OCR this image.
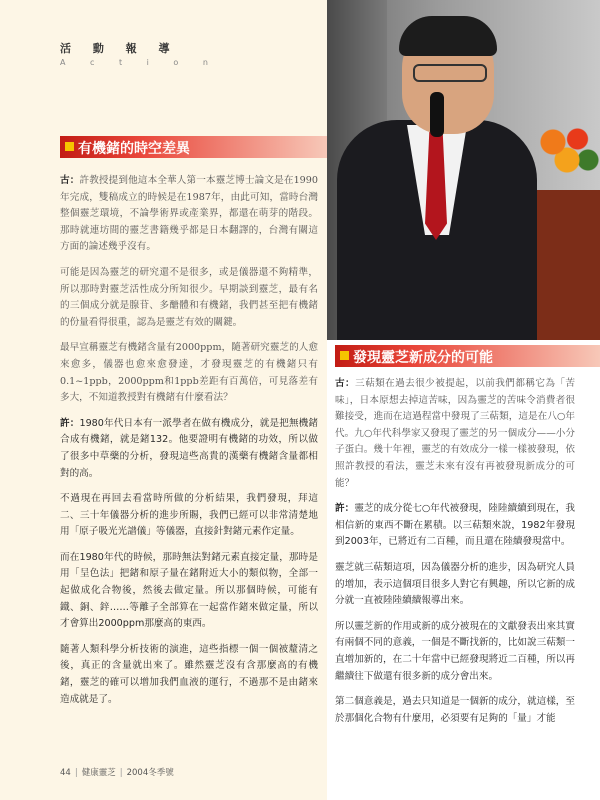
活 動 報 導
A c t i o n
有機鍺的時空差異

古：許教授提到他這本全華人第一本靈芝博士論文是在1990年完成，雙稿成立的時候是在1987年，由此可知，當時台灣整個靈芝環境，不論學術界或產業界，都還在萌芽的階段。那時就連坊間的靈芝書籍幾乎都是日本翻譯的，台灣有關這方面的論述幾乎沒有。

可能是因為靈芝的研究還不是很多，或是儀器還不夠精準，所以那時對靈芝活性成分所知很少。早期談到靈芝，最有名的三個成分就是腺苷、多醣體和有機鍺，我們甚至把有機鍺的份量看得很重，認為是靈芝有效的關鍵。

最早宣稱靈芝有機鍺含量有2000ppm，隨著研究靈芝的人愈來愈多，儀器也愈來愈發達，才發現靈芝的有機鍺只有0.1~1ppb，2000ppm和1ppb差距有百萬倍，可見落差有多大，不知道教授對有機鍺有什麼看法？

許：1980年代日本有一派學者在做有機成分，就是把無機鍺合成有機鍺，就是鍺132。他要證明有機鍺的功效，所以做了很多中草藥的分析，發現這些高貴的漢藥有機鍺含量都相對的高。

不過現在再回去看當時所做的分析結果，我們發現，拜這二、三十年儀器分析的進步所賜，我們已經可以非常清楚地用「原子吸光光譜儀」等儀器，直接針對鍺元素作定量。

而在1980年代的時候，那時無法對鍺元素直接定量，那時是用「呈色法」把鍺和原子量在鍺附近大小的類似物，全部一起做成化合物後，然後去做定量。所以那個時候，可能有鐵、銅、鋅……等離子全部算在一起當作鍺來做定量，所以才會算出2000ppm那麼高的東西。

隨著人類科學分析技術的演進，這些指標一個一個被釐清之後，真正的含量就出來了。雖然靈芝沒有含那麼高的有機鍺，靈芝的確可以增加我們血液的運行，不過那不是由鍺來造成就是了。

發現靈芝新成分的可能

古：三萜類在過去很少被提起，以前我們都稱它為「苦味」，日本原想去掉這苦味，因為靈芝的苦味令消費者很難接受，進而在這過程當中發現了三萜類，這是在八○年代。九○年代科學家又發現了靈芝的另一個成分——小分子蛋白。幾十年裡，靈芝的有效成分一樣一樣被發現，依照許教授的看法，靈芝未來有沒有再被發現新成分的可能？

許：靈芝的成分從七○年代被發現，陸陸續續到現在，我相信新的東西不斷在累積。以三萜類來說，1982年發現到2003年，已將近有二百種，而且還在陸續發現當中。

靈芝就三萜類這項，因為儀器分析的進步，因為研究人員的增加，表示這個項目很多人對它有興趣，所以它新的成分就一直被陸陸續續報導出來。

所以靈芝新的作用或新的成分被現在的文獻發表出來其實有兩個不同的意義，一個是不斷找新的，比如說三萜類一直增加新的，在二十年當中已經發現將近二百種，所以再繼續往下做還有很多新的成分會出來。

第二個意義是，過去只知道是一個新的成分，就這樣，至於那個化合物有什麼用，必須要有足夠的「量」才能

44 | 健康靈芝 | 2004冬季號
